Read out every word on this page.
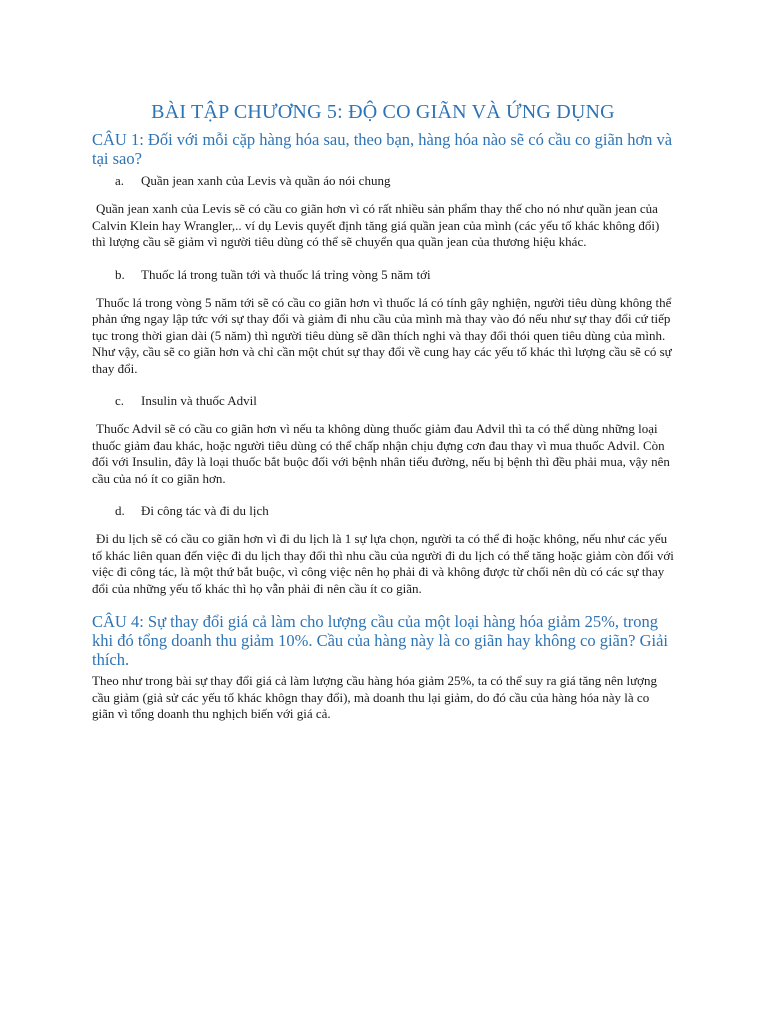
BÀI TẬP CHƯƠNG 5: ĐỘ CO GIÃN VÀ ỨNG DỤNG
CÂU 1: Đối với mỗi cặp hàng hóa sau, theo bạn, hàng hóa nào sẽ có cầu co giãn hơn và tại sao?
a.	Quần jean xanh của Levis và quần áo nói chung
Quần jean xanh của Levis sẽ có cầu co giãn hơn vì có rất nhiều sản phẩm thay thế cho nó như quần jean của Calvin Klein hay Wrangler,.. ví dụ Levis quyết định tăng giá quần jean của mình (các yếu tố khác không đổi) thì lượng cầu sẽ giảm vì người tiêu dùng có thể sẽ chuyển qua quần jean của thương hiệu khác.
b.	Thuốc lá trong tuần tới và thuốc lá trỉng vòng 5 năm tới
Thuốc lá trong vòng 5 năm tới sẽ có cầu co giãn hơn vì thuốc lá có tính gây nghiện, người tiêu dùng không thể phản ứng ngay lập tức với sự thay đổi và giảm đi nhu cầu của mình mà thay vào đó nếu như sự thay đổi cứ tiếp tục trong thời gian dài (5 năm) thì người tiêu dùng sẽ dần thích nghi và thay đổi thói quen tiêu dùng của mình. Như vậy, cầu sẽ co giãn hơn và chỉ cần một chút sự thay đổi về cung hay các yếu tố khác thì lượng cầu sẽ có sự thay đổi.
c.	Insulin và thuốc Advil
Thuốc Advil sẽ có cầu co giãn hơn vì nếu ta không dùng thuốc giảm đau Advil thì ta có thể dùng những loại thuốc giảm đau khác, hoặc người tiêu dùng có thể chấp nhận chịu đựng cơn đau thay vì mua thuốc Advil. Còn đối với Insulin, đây là loại thuốc bắt buộc đối với bệnh nhân tiểu đường, nếu bị bệnh thì đều phải mua, vậy nên cầu của nó ít co giãn hơn.
d.	Đi công tác và đi du lịch
Đi du lịch sẽ có cầu co giãn hơn vì đi du lịch là 1 sự lựa chọn, người ta có thể đi hoặc không, nếu như các yếu tố khác liên quan đến việc đi du lịch thay đổi thì nhu cầu của người đi du lịch có thể tăng hoặc giảm còn đối với việc đi công tác, là một thứ bắt buộc, vì công việc nên họ phải đi và không được từ chối nên dù có các sự thay đổi của những yếu tố khác thì họ vẫn phải đi nên cầu ít co giãn.
CÂU 4: Sự thay đổi giá cả làm cho lượng cầu của một loại hàng hóa giảm 25%, trong khi đó tổng doanh thu giảm 10%. Cầu của hàng này là co giãn hay không co giãn? Giải thích.
Theo như trong bài sự thay đổi giá cả làm lượng cầu hàng hóa giảm 25%, ta có thể suy ra giá tăng nên lượng cầu giảm (giả sử các yếu tố khác khôgn thay đổi), mà doanh thu lại giảm, do đó cầu của hàng hóa này là co giãn vì tổng doanh thu nghịch biến với giá cả.
